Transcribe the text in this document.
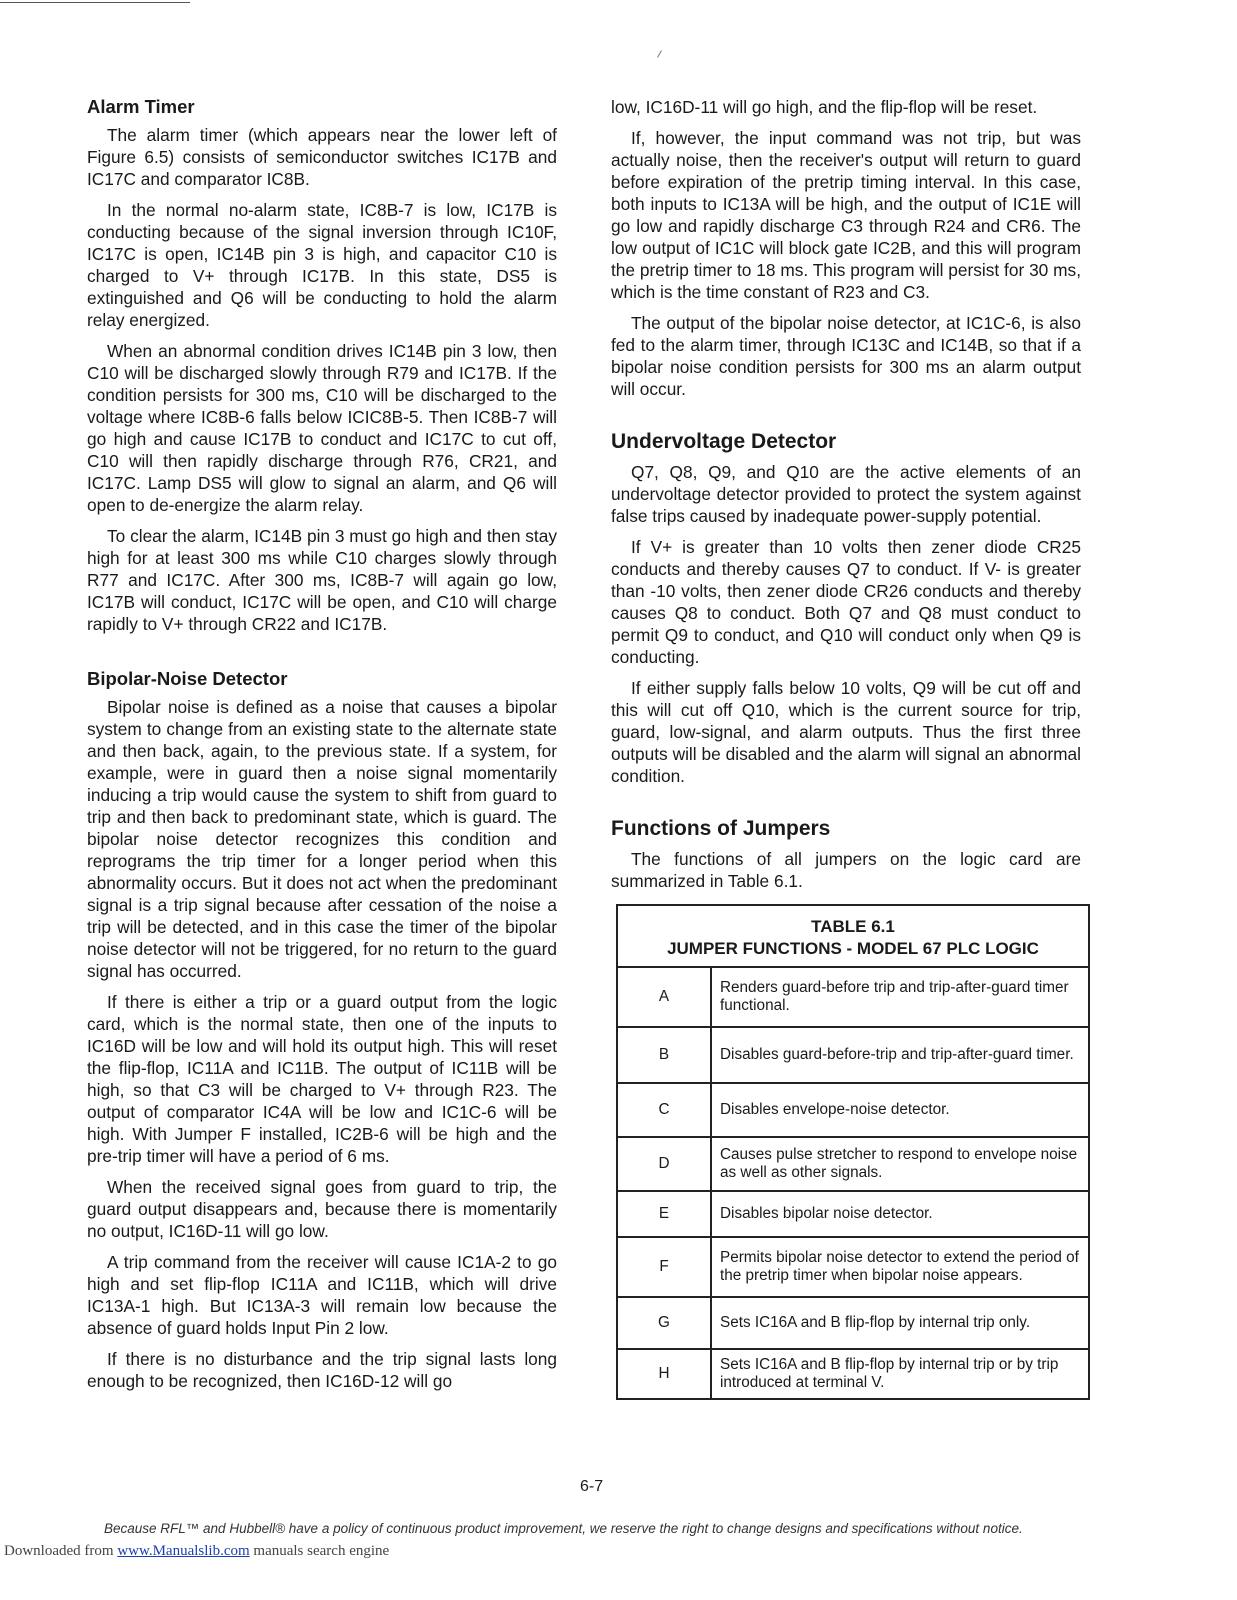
Alarm Timer

The alarm timer (which appears near the lower left of Figure 6.5) consists of semiconductor switches IC17B and IC17C and comparator IC8B.

In the normal no-alarm state, IC8B-7 is low, IC17B is conducting because of the signal inversion through IC10F, IC17C is open, IC14B pin 3 is high, and capacitor C10 is charged to V+ through IC17B. In this state, DS5 is extinguished and Q6 will be conducting to hold the alarm relay energized.

When an abnormal condition drives IC14B pin 3 low, then C10 will be discharged slowly through R79 and IC17B. If the condition persists for 300 ms, C10 will be discharged to the voltage where IC8B-6 falls below ICIC8B-5. Then IC8B-7 will go high and cause IC17B to conduct and IC17C to cut off, C10 will then rapidly discharge through R76, CR21, and IC17C. Lamp DS5 will glow to signal an alarm, and Q6 will open to de-energize the alarm relay.

To clear the alarm, IC14B pin 3 must go high and then stay high for at least 300 ms while C10 charges slowly through R77 and IC17C. After 300 ms, IC8B-7 will again go low, IC17B will conduct, IC17C will be open, and C10 will charge rapidly to V+ through CR22 and IC17B.

Bipolar-Noise Detector

Bipolar noise is defined as a noise that causes a bipolar system to change from an existing state to the alternate state and then back, again, to the previous state. If a system, for example, were in guard then a noise signal momentarily inducing a trip would cause the system to shift from guard to trip and then back to predominant state, which is guard. The bipolar noise detector recognizes this condition and reprograms the trip timer for a longer period when this abnormality occurs. But it does not act when the predominant signal is a trip signal because after cessation of the noise a trip will be detected, and in this case the timer of the bipolar noise detector will not be triggered, for no return to the guard signal has occurred.

If there is either a trip or a guard output from the logic card, which is the normal state, then one of the inputs to IC16D will be low and will hold its output high. This will reset the flip-flop, IC11A and IC11B. The output of IC11B will be high, so that C3 will be charged to V+ through R23. The output of comparator IC4A will be low and IC1C-6 will be high. With Jumper F installed, IC2B-6 will be high and the pre-trip timer will have a period of 6 ms.

When the received signal goes from guard to trip, the guard output disappears and, because there is momentarily no output, IC16D-11 will go low.

A trip command from the receiver will cause IC1A-2 to go high and set flip-flop IC11A and IC11B, which will drive IC13A-1 high. But IC13A-3 will remain low because the absence of guard holds Input Pin 2 low.

If there is no disturbance and the trip signal lasts long enough to be recognized, then IC16D-12 will go

low, IC16D-11 will go high, and the flip-flop will be reset.

If, however, the input command was not trip, but was actually noise, then the receiver's output will return to guard before expiration of the pretrip timing interval. In this case, both inputs to IC13A will be high, and the output of IC1E will go low and rapidly discharge C3 through R24 and CR6. The low output of IC1C will block gate IC2B, and this will program the pretrip timer to 18 ms. This program will persist for 30 ms, which is the time constant of R23 and C3.

The output of the bipolar noise detector, at IC1C-6, is also fed to the alarm timer, through IC13C and IC14B, so that if a bipolar noise condition persists for 300 ms an alarm output will occur.

Undervoltage Detector

Q7, Q8, Q9, and Q10 are the active elements of an undervoltage detector provided to protect the system against false trips caused by inadequate power-supply potential.

If V+ is greater than 10 volts then zener diode CR25 conducts and thereby causes Q7 to conduct. If V- is greater than -10 volts, then zener diode CR26 conducts and thereby causes Q8 to conduct. Both Q7 and Q8 must conduct to permit Q9 to conduct, and Q10 will conduct only when Q9 is conducting.

If either supply falls below 10 volts, Q9 will be cut off and this will cut off Q10, which is the current source for trip, guard, low-signal, and alarm outputs. Thus the first three outputs will be disabled and the alarm will signal an abnormal condition.

Functions of Jumpers

The functions of all jumpers on the logic card are summarized in Table 6.1.

TABLE 6.1
JUMPER FUNCTIONS - MODEL 67 PLC LOGIC	

A	Renders guard-before trip and trip-after-guard timer functional.
B	Disables guard-before-trip and trip-after-guard timer.
C	Disables envelope-noise detector.
D	Causes pulse stretcher to respond to envelope noise as well as other signals.
E	Disables bipolar noise detector.
F	Permits bipolar noise detector to extend the period of the pretrip timer when bipolar noise appears.
G	Sets IC16A and B flip-flop by internal trip only.
H	Sets IC16A and B flip-flop by internal trip or by trip introduced at terminal V.
6-7
Because RFL™ and Hubbell® have a policy of continuous product improvement, we reserve the right to change designs and specifications without notice.
Downloaded from www.Manualslib.com manuals search engine
